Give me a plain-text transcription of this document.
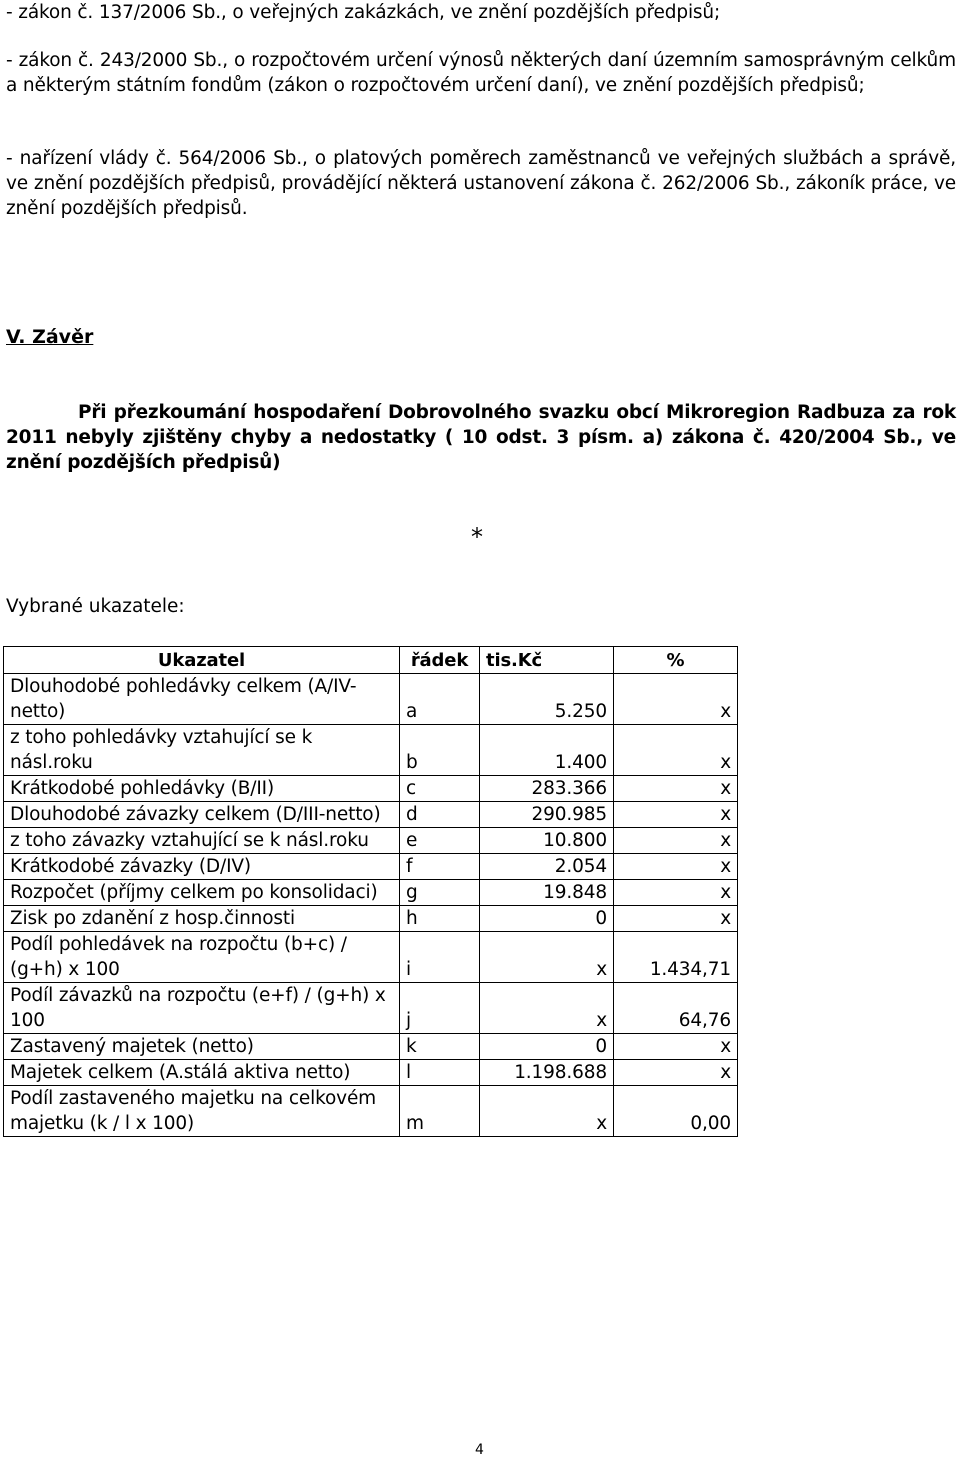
- zákon č. 137/2006 Sb., o veřejných zakázkách, ve znění pozdějších předpisů;

- zákon č. 243/2000 Sb., o rozpočtovém určení výnosů některých daní územním samosprávným celkům a některým státním fondům (zákon o rozpočtovém určení daní), ve znění pozdějších předpisů;

- nařízení vlády č. 564/2006 Sb., o platových poměrech zaměstnanců ve veřejných službách a správě, ve znění pozdějších předpisů, provádějící některá ustanovení zákona č. 262/2006 Sb., zákoník práce, ve znění pozdějších předpisů.

V. Závěr

Při přezkoumání hospodaření Dobrovolného svazku obcí Mikroregion Radbuza za rok 2011 nebyly zjištěny chyby a nedostatky ( 10 odst. 3 písm. a) zákona č. 420/2004 Sb., ve znění pozdějších předpisů)

*
Vybrané ukazatele:
Ukazatel	řádek	tis.Kč	%
Dlouhodobé pohledávky celkem (A/IV-netto)	a	5.250	x
z toho pohledávky vztahující se k násl.roku	b	1.400	x
Krátkodobé pohledávky (B/II)	c	283.366	x
Dlouhodobé závazky celkem (D/III-netto)	d	290.985	x
z toho závazky vztahující se k násl.roku	e	10.800	x
Krátkodobé závazky (D/IV)	f	2.054	x
Rozpočet (příjmy celkem po konsolidaci)	g	19.848	x
Zisk po zdanění z hosp.činnosti	h	0	x
Podíl pohledávek na rozpočtu (b+c) / (g+h) x 100	i	x	1.434,71
Podíl závazků na rozpočtu (e+f) / (g+h) x 100	j	x	64,76
Zastavený majetek (netto)	k	0	x
Majetek celkem (A.stálá aktiva netto)	l	1.198.688	x
Podíl zastaveného majetku na celkovém majetku (k / l x 100)	m	x	0,00
4
